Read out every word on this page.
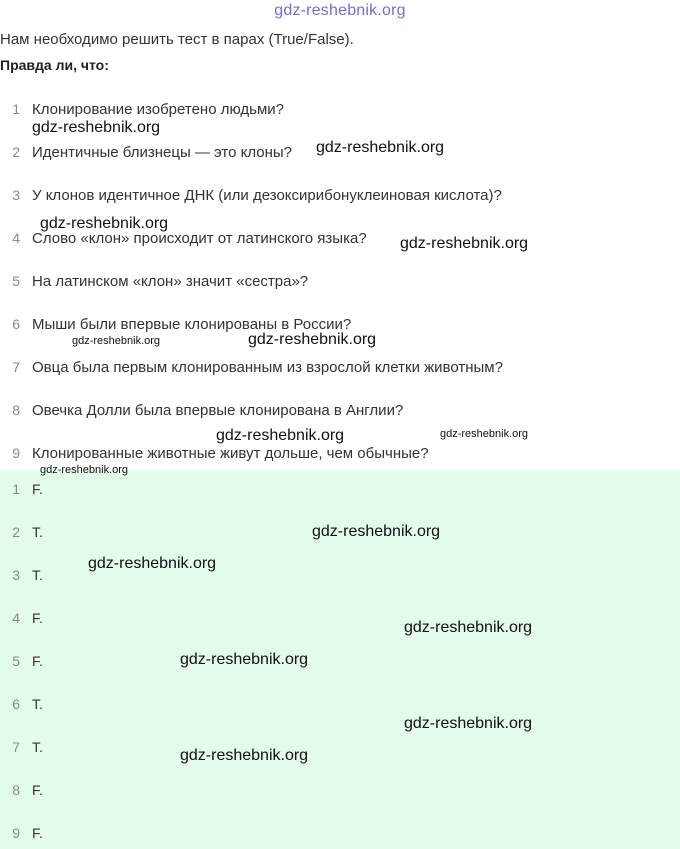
gdz-reshebnik.org
Нам необходимо решить тест в парах (True/False).
Правда ли, что:
1 Клонирование изобретено людьми?
2 Идентичные близнецы — это клоны?
3 У клонов идентичное ДНК (или дезоксирибонуклеиновая кислота)?
4 Слово «клон» происходит от латинского языка?
5 На латинском «клон» значит «сестра»?
6 Мыши были впервые клонированы в России?
7 Овца была первым клонированным из взрослой клетки животным?
8 Овечка Долли была впервые клонирована в Англии?
9 Клонированные животные живут дольше, чем обычные?
1 F.
2 T.
3 T.
4 F.
5 F.
6 T.
7 T.
8 F.
9 F.
gdz-reshebnik.org
gdz-reshebnik.org
gdz-reshebnik.org
gdz-reshebnik.org
gdz-reshebnik.org	gdz-reshebnik.org
gdz-reshebnik.org	gdz-reshebnik.org
gdz-reshebnik.org
gdz-reshebnik.org
gdz-reshebnik.org
gdz-reshebnik.org
gdz-reshebnik.org
gdz-reshebnik.org
gdz-reshebnik.org
